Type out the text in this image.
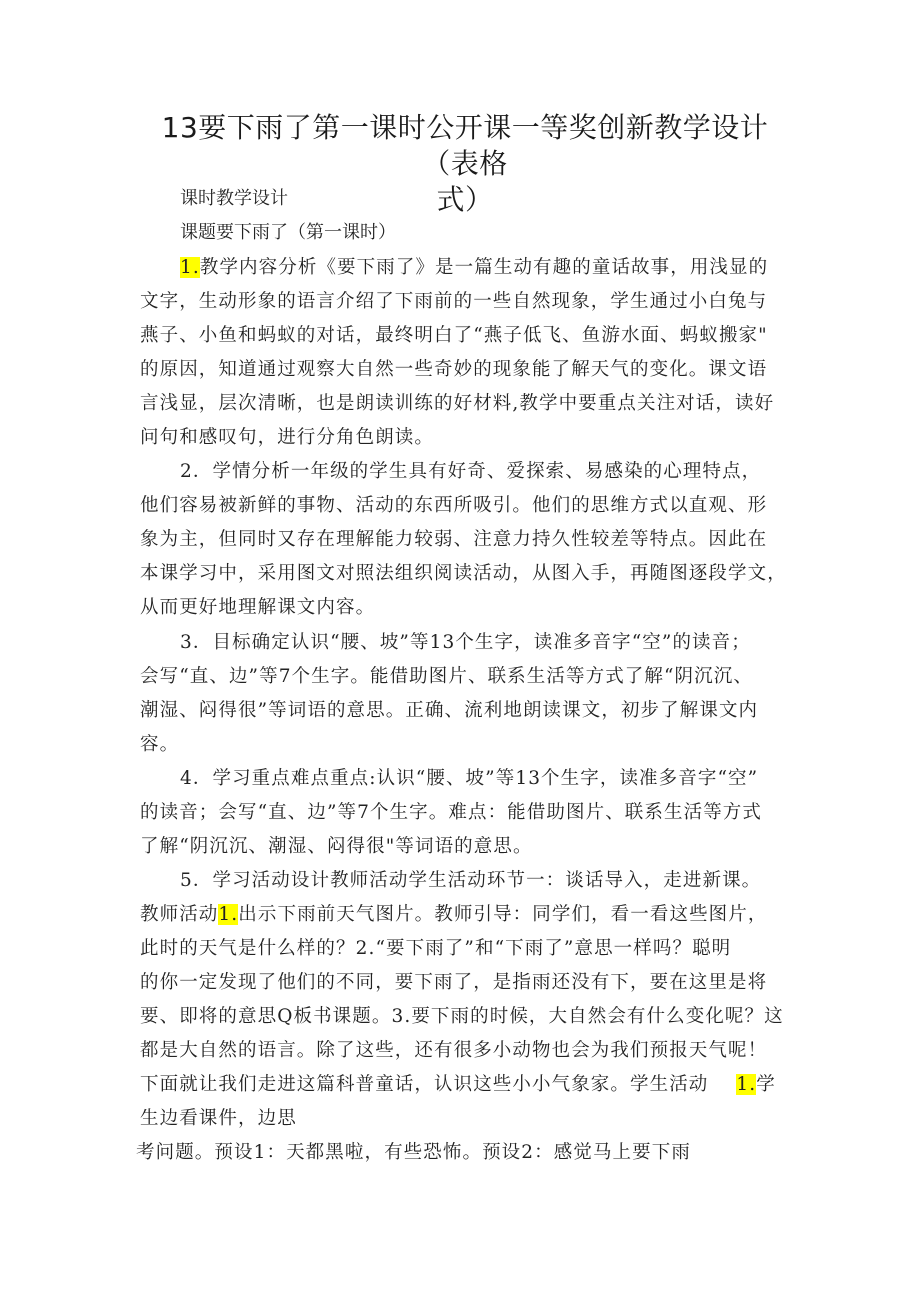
13要下雨了第一课时公开课一等奖创新教学设计（表格
式）
课时教学设计
课题要下雨了（第一课时）
1.教学内容分析《要下雨了》是一篇生动有趣的童话故事，用浅显的
文字，生动形象的语言介绍了下雨前的一些自然现象，学生通过小白兔与
燕子、小鱼和蚂蚁的对话，最终明白了“燕子低飞、鱼游水面、蚂蚁搬家"
的原因，知道通过观察大自然一些奇妙的现象能了解天气的变化。课文语
言浅显，层次清晰，也是朗读训练的好材料,教学中要重点关注对话，读好
问句和感叹句，进行分角色朗读。
2．学情分析一年级的学生具有好奇、爱探索、易感染的心理特点，
他们容易被新鲜的事物、活动的东西所吸引。他们的思维方式以直观、形
象为主，但同时又存在理解能力较弱、注意力持久性较差等特点。因此在
本课学习中，采用图文对照法组织阅读活动，从图入手，再随图逐段学文，
从而更好地理解课文内容。
3．目标确定认识“腰、坡”等13个生字，读准多音字“空”的读音；
会写“直、边”等7个生字。能借助图片、联系生活等方式了解“阴沉沉、
潮湿、闷得很”等词语的意思。正确、流利地朗读课文，初步了解课文内
容。
4．学习重点难点重点:认识“腰、坡”等13个生字，读准多音字“空”
的读音；会写“直、边”等7个生字。难点：能借助图片、联系生活等方式
了解“阴沉沉、潮湿、闷得很"等词语的意思。
5．学习活动设计教师活动学生活动环节一：谈话导入，走进新课。
教师活动1.出示下雨前天气图片。教师引导：同学们，看一看这些图片，
此时的天气是什么样的？2.“要下雨了”和“下雨了”意思一样吗？聪明
的你一定发现了他们的不同，要下雨了，是指雨还没有下，要在这里是将
要、即将的意思Q板书课题。3.要下雨的时候，大自然会有什么变化呢？这
都是大自然的语言。除了这些，还有很多小动物也会为我们预报天气呢！
下面就让我们走进这篇科普童话，认识这些小小气象家。学生活动 1.学
生边看课件，边思
考问题。预设1：天都黑啦，有些恐怖。预设2：感觉马上要下雨
